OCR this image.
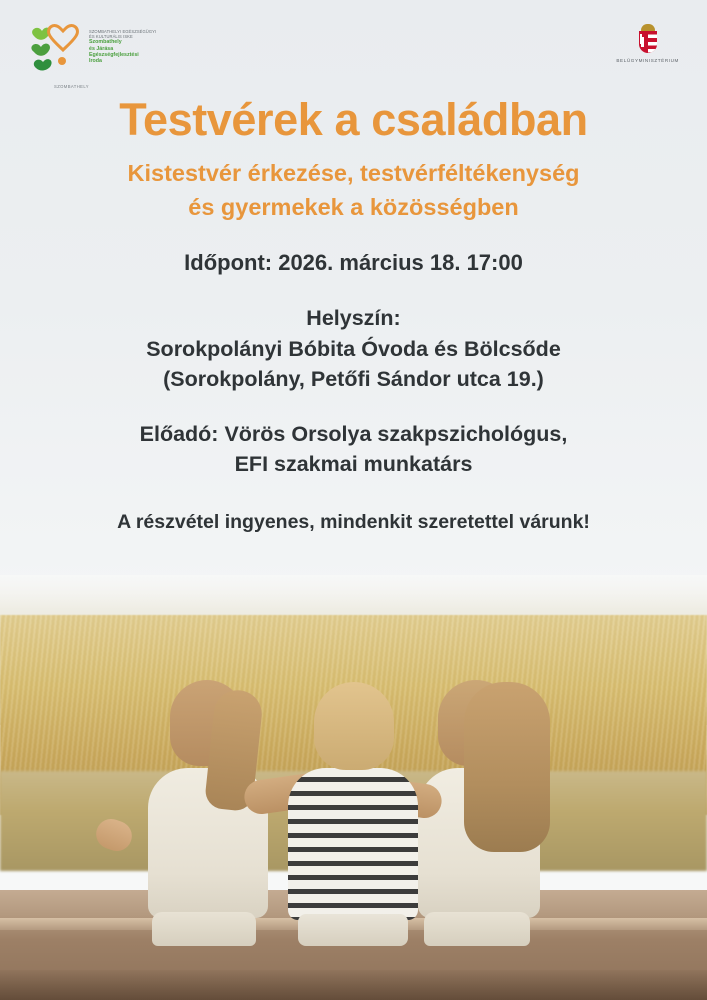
SZOMBATHELYI EGÉSZSÉGÜGYI
ÉS KULTURÁLIS ISKE
Szombathely
és Járása
Egészségfejlesztési
Iroda
SZOMBATHELY
BELÜGYMINISZTÉRIUM
Testvérek a családban
Kistestvér érkezése, testvérféltékenység
és gyermekek a közösségben
Időpont: 2026. március 18. 17:00
Helyszín:
Sorokpolányi Bóbita Óvoda és Bölcsőde
(Sorokpolány, Petőfi Sándor utca 19.)
Előadó: Vörös Orsolya szakpszichológus,
EFI szakmai munkatárs
A részvétel ingyenes, mindenkit szeretettel várunk!
